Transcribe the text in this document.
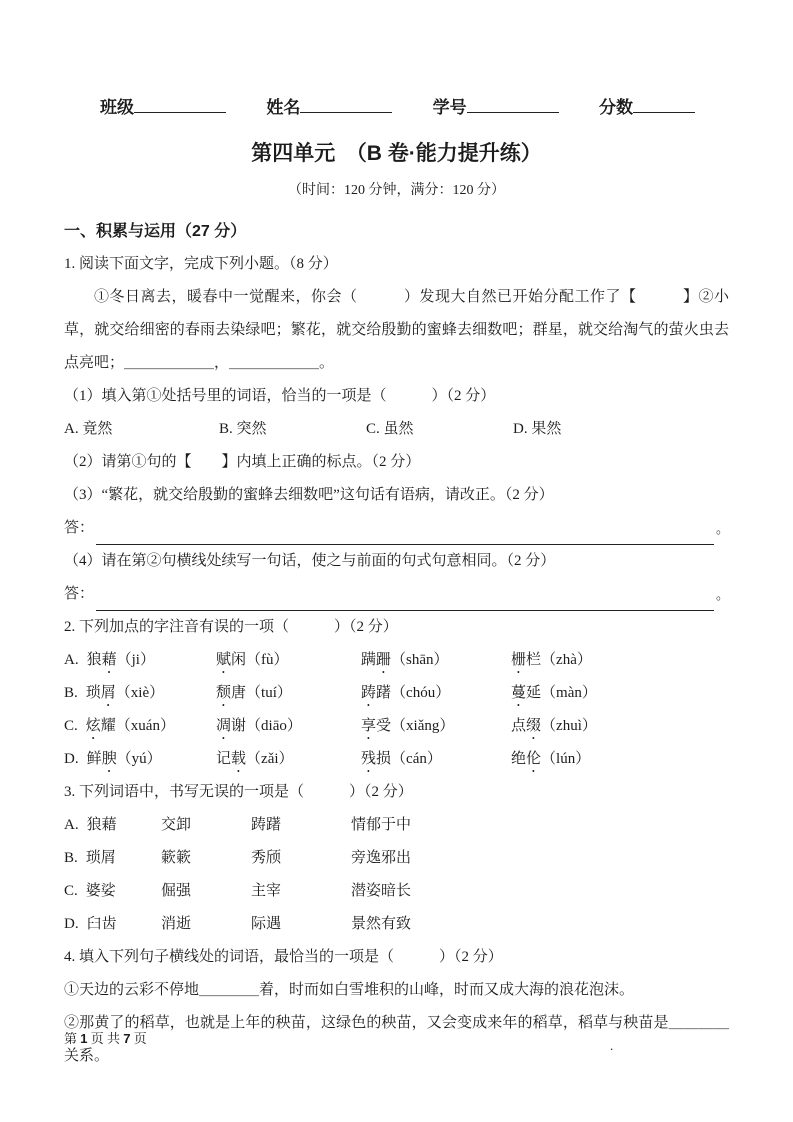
班级	姓名	学号	分数
第四单元　（B 卷·能力提升练）
（时间：120 分钟，满分：120 分）
一、积累与运用（27 分）
1. 阅读下面文字，完成下列小题。（8 分）

①冬日离去，暖春中一觉醒来，你会（　　　）发现大自然已开始分配工作了【　　　】②小草，就交给细密的春雨去染绿吧；繁花，就交给殷勤的蜜蜂去细数吧；群星，就交给淘气的萤火虫去点亮吧；＿＿＿＿＿＿，＿＿＿＿＿＿。

（1）填入第①处括号里的词语，恰当的一项是（　　　）（2 分）
A. 竟然	B. 突然	C. 虽然	D. 果然
（2）请第①句的【　　】内填上正确的标点。（2 分）
（3）“繁花，就交给殷勤的蜜蜂去细数吧”这句话有语病，请改正。（2 分）
答：	。
（4）请在第②句横线处续写一句话，使之与前面的句式句意相同。（2 分）
答：	。
2. 下列加点的字注音有误的一项（　　　）（2 分）
A. 狼藉（ji）	赋闲（fù）	蹒跚（shān）	栅栏（zhà）
B. 琐屑（xiè）	颓唐（tuí）	踌躇（chóu）	蔓延（màn）
C. 炫耀（xuán）	凋谢（diāo）	享受（xiǎng）	点缀（zhuì）
D. 鲜腴（yú）	记载（zǎi）	残损（cán）	绝伦（lún）
3. 下列词语中，书写无误的一项是（　　　）（2 分）
A. 狼藉	交卸	踌躇	情郁于中
B. 琐屑	簌簌	秀颀	旁逸邪出
C. 婆娑	倔强	主宰	潜姿暗长
D. 臼齿	消逝	际遇	景然有致
4. 填入下列句子横线处的词语，最恰当的一项是（　　　）（2 分）
①天边的云彩不停地＿＿＿＿着，时而如白雪堆积的山峰，时而又成大海的浪花泡沫。
②那黄了的稻草，也就是上年的秧苗，这绿色的秧苗，又会变成来年的稻草，稻草与秧苗是＿＿＿＿关系。
第 1 页 共 7 页	.
